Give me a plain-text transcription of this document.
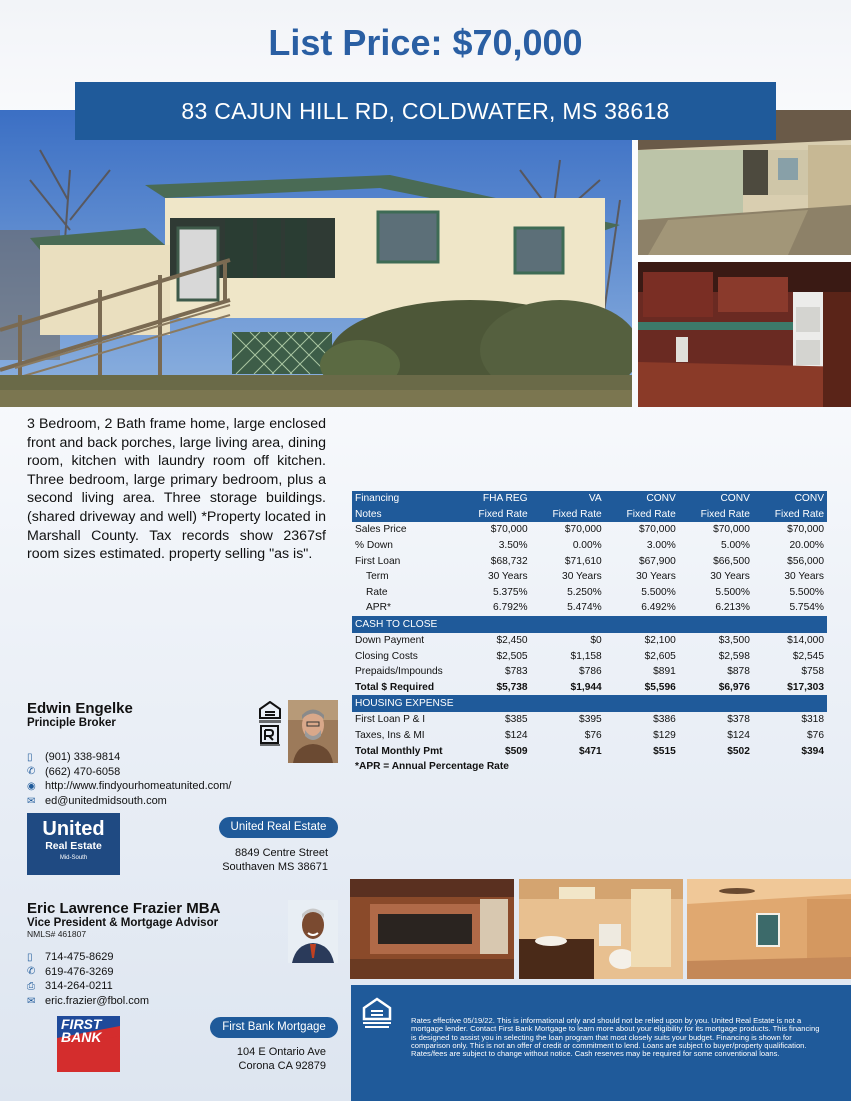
List Price: $70,000
83 CAJUN HILL RD, COLDWATER, MS 38618
3 Bedroom, 2 Bath frame home, large enclosed front and back porches, large living area, dining room, kitchen with laundry room off kitchen. Three bedroom, large primary bedroom, plus a second living area. Three storage buildings. (shared driveway and well) *Property located in Marshall County. Tax records show 2367sf room sizes estimated. property selling "as is".
Financing	FHA REG	VA	CONV	CONV	CONV
Notes	Fixed Rate	Fixed Rate	Fixed Rate	Fixed Rate	Fixed Rate
Sales Price	$70,000	$70,000	$70,000	$70,000	$70,000
% Down	3.50%	0.00%	3.00%	5.00%	20.00%
First Loan	$68,732	$71,610	$67,900	$66,500	$56,000
Term	30 Years	30 Years	30 Years	30 Years	30 Years
Rate	5.375%	5.250%	5.500%	5.500%	5.500%
APR*	6.792%	5.474%	6.492%	6.213%	5.754%
CASH TO CLOSE					
Down Payment	$2,450	$0	$2,100	$3,500	$14,000
Closing Costs	$2,505	$1,158	$2,605	$2,598	$2,545
Prepaids/Impounds	$783	$786	$891	$878	$758
Total $ Required	$5,738	$1,944	$5,596	$6,976	$17,303
HOUSING EXPENSE					
First Loan P & I	$385	$395	$386	$378	$318
Taxes, Ins & MI	$124	$76	$129	$124	$76
Total Monthly Pmt	$509	$471	$515	$502	$394
*APR = Annual Percentage Rate
Edwin Engelke
Principle Broker
▯	(901) 338-9814
✆ (662) 470-6058
◉ http://www.findyourhomeatunited.com/
✉ ed@unitedmidsouth.com
United
Real Estate
Mid-South
United Real Estate
8849 Centre Street
Southaven MS 38671
Eric Lawrence Frazier MBA
Vice President & Mortgage Advisor
NMLS# 461807
▯	714-475-8629
✆ 619-476-3269
⎙ 314-264-0211
✉ eric.frazier@fbol.com
FIRST
BANK
First Bank Mortgage
104 E Ontario Ave
Corona CA 92879
Rates effective 05/19/22. This is informational only and should not be relied upon by you. United Real Estate is not a mortgage lender. Contact First Bank Mortgage to learn more about your eligibility for its mortgage products. This financing is designed to assist you in selecting the loan program that most closely suits your budget. Financing is shown for comparison only. This is not an offer of credit or commitment to lend. Loans are subject to buyer/property qualification. Rates/fees are subject to change without notice. Cash reserves may be required for some conventional loans.
